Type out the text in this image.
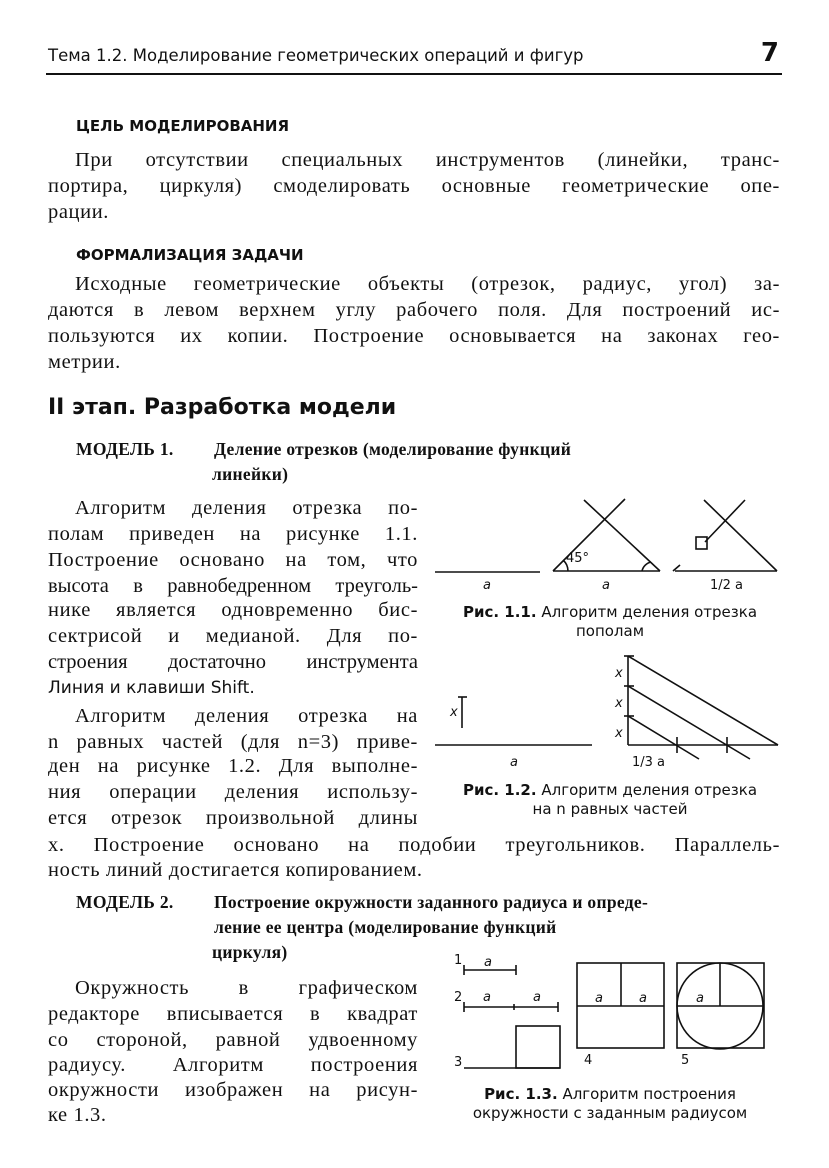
Тема 1.2. Моделирование геометрических операций и фигур	7
ЦЕЛЬ МОДЕЛИРОВАНИЯ
При отсутствии специальных инструментов (линейки, транс-
портира, циркуля) смоделировать основные геометрические опе-
рации.
ФОРМАЛИЗАЦИЯ ЗАДАЧИ
Исходные геометрические объекты (отрезок, радиус, угол) за-
даются в левом верхнем углу рабочего поля. Для построений ис-
пользуются их копии. Построение основывается на законах гео-
метрии.
II этап. Разработка модели
МОДЕЛЬ 1. Деление отрезков (моделирование функций
линейки)
Алгоритм деления отрезка по-
полам приведен на рисунке 1.1.
Построение основано на том, что
высота в равнобедренном треуголь-
нике является одновременно бис-
сектрисой и медианой. Для по-
строения достаточно инструмента
Линия и клавиши Shift.
Алгоритм деления отрезка на
n равных частей (для n=3) приве-
ден на рисунке 1.2. Для выполне-
ния операции деления использу-
ется отрезок произвольной длины
x. Построение основано на подобии треугольников. Параллель-
ность линий достигается копированием.
МОДЕЛЬ 2. Построение окружности заданного радиуса и опреде-
ление ее центра (моделирование функций
циркуля)
Окружность в графическом
редакторе вписывается в квадрат
со стороной, равной удвоенному
радиусу. Алгоритм построения
окружности изображен на рисун-
ке 1.3.
a
45°
a	1/2 a
x
a
x
x
x
1/3 a
1 a
2 a	a
3
a	a
4
a
5
Рис. 1.1. Алгоритм деления отрезка
пополам
Рис. 1.2. Алгоритм деления отрезка
на n равных частей
Рис. 1.3. Алгоритм построения
окружности с заданным радиусом
